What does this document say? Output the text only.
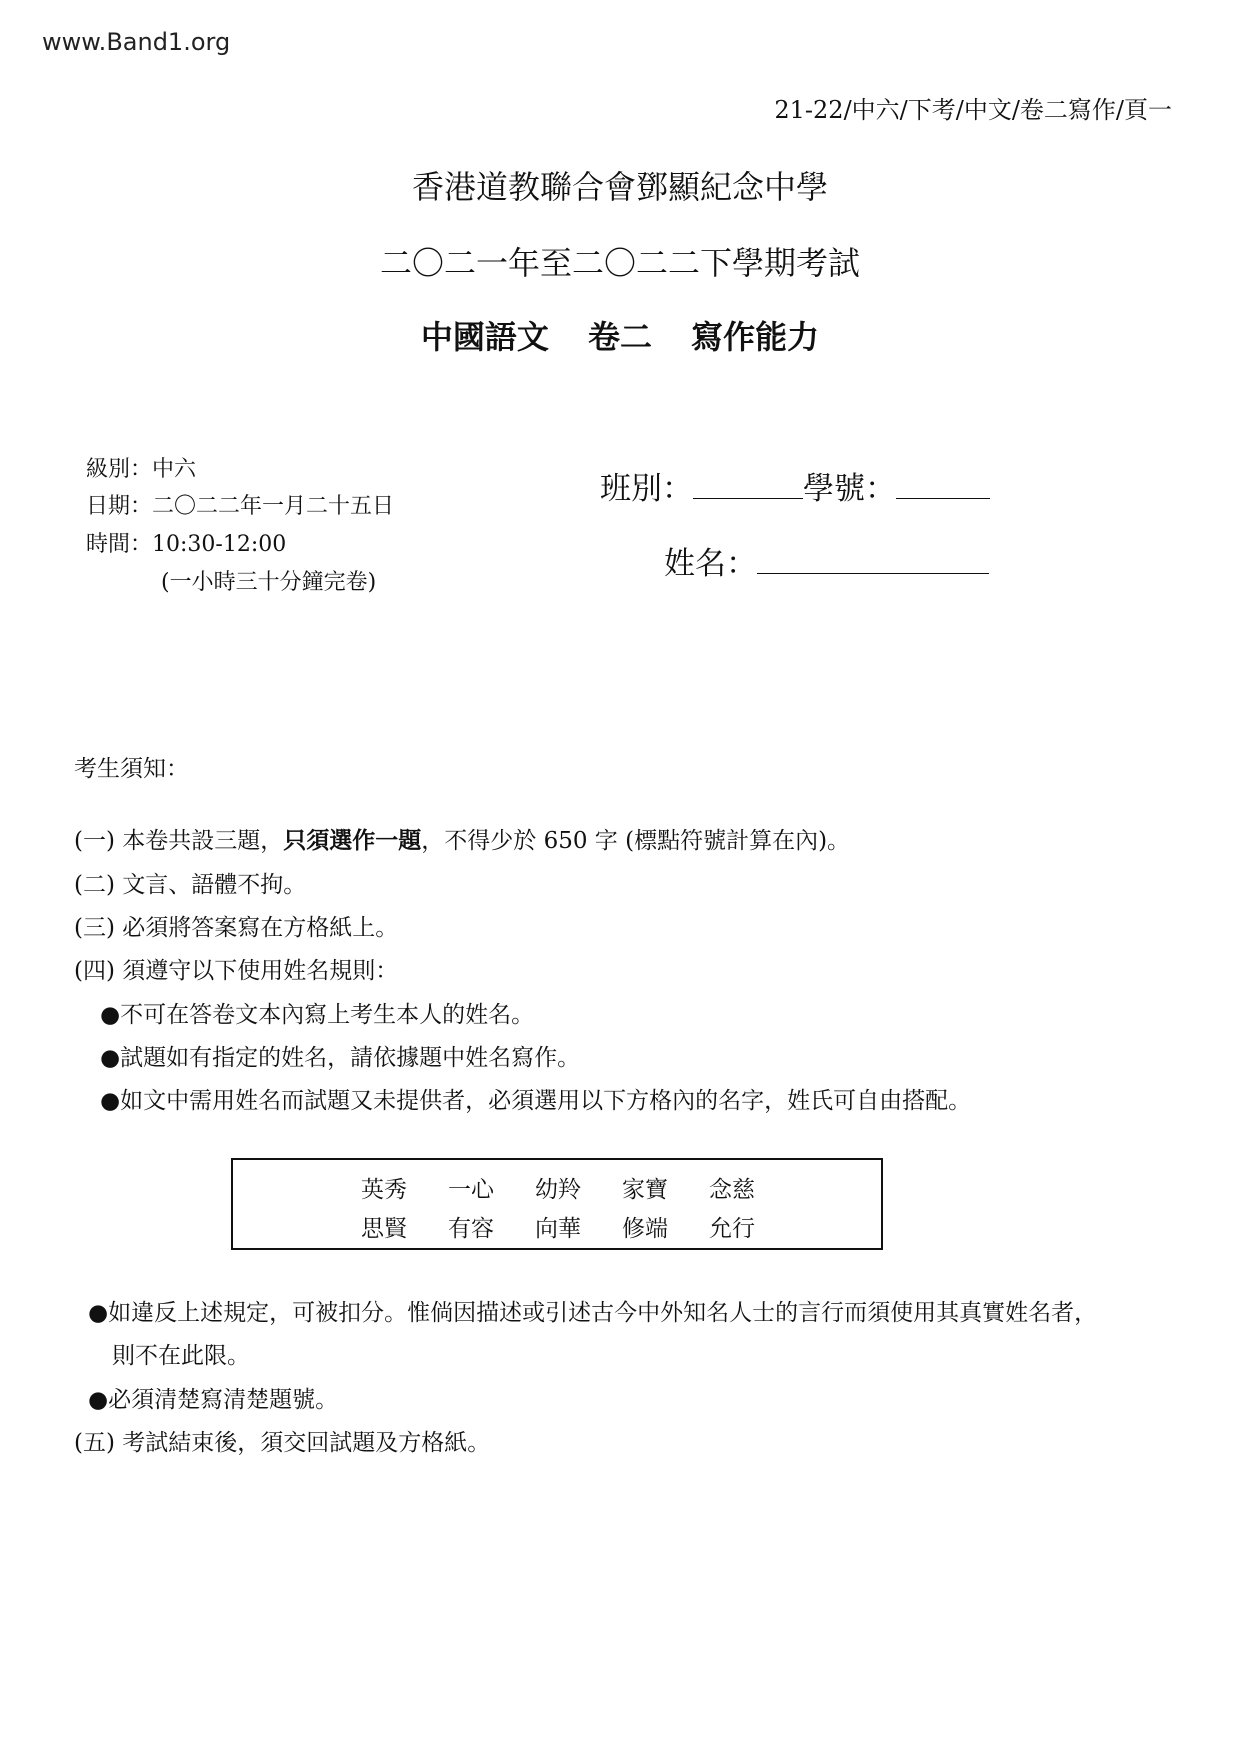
www.Band1.org
21-22/中六/下考/中文/卷二寫作/頁一
香港道教聯合會鄧顯紀念中學
二〇二一年至二〇二二下學期考試
中國語文 卷二 寫作能力
級別：中六
日期：二〇二二年一月二十五日
時間：10:30-12:00
(一小時三十分鐘完卷)
班別：	學號：
姓名：
考生須知：
(一) 本卷共設三題，只須選作一題，不得少於 650 字 (標點符號計算在內)。
(二) 文言、語體不拘。
(三) 必須將答案寫在方格紙上。
(四) 須遵守以下使用姓名規則：
●不可在答卷文本內寫上考生本人的姓名。
●試題如有指定的姓名，請依據題中姓名寫作。
●如文中需用姓名而試題又未提供者，必須選用以下方格內的名字，姓氏可自由搭配。
英秀	一心	幼羚	家寶	念慈
思賢	有容	向華	修端	允行
●如違反上述規定，可被扣分。惟倘因描述或引述古今中外知名人士的言行而須使用其真實姓名者，
則不在此限。
●必須清楚寫清楚題號。
(五) 考試結束後，須交回試題及方格紙。
